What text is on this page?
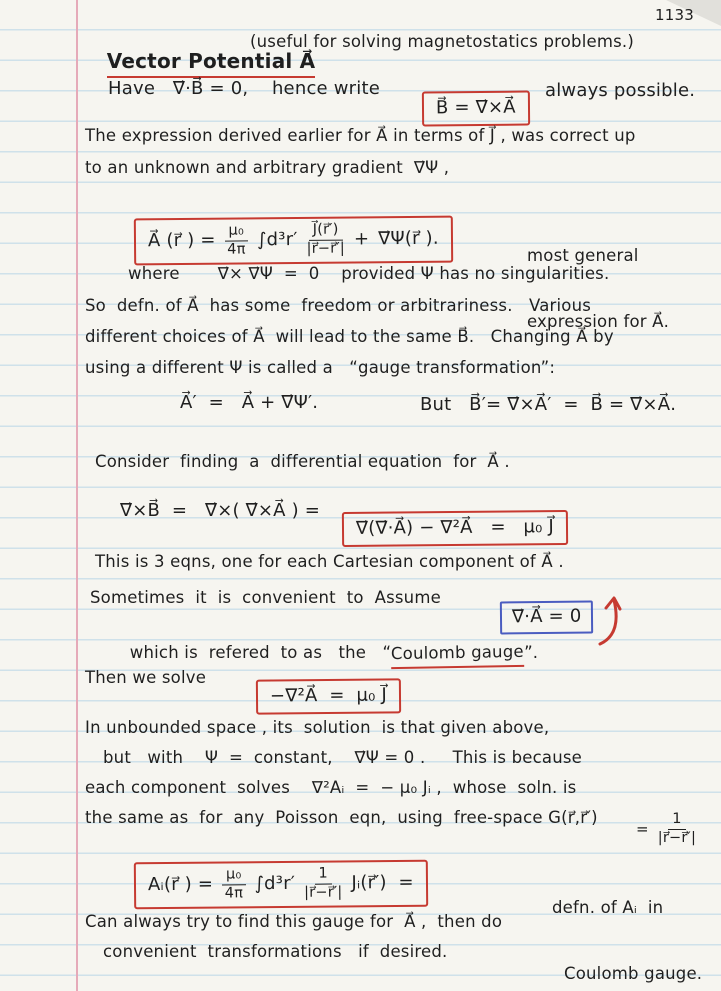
1133

Vector Potential A⃗

(useful for solving magnetostatics problems.)
Have   ∇⃗·B⃗ = 0,    hence write

B⃗ = ∇⃗×A⃗

always possible.
The expression derived earlier for A⃗ in terms of J⃗ , was correct up
to an unknown and arbitrary gradient  ∇⃗Ψ ,

A⃗ (r⃗ ) = $\frac{\text{μ₀}}{4\pi} \int d^3r' \frac{J⃗(r⃗')}{|r⃗-r⃗'|}$ + ∇⃗Ψ(r⃗ ).

most general

expression for A⃗.

where       ∇⃗× ∇⃗Ψ  =  0    provided Ψ has no singularities.
So  defn. of A⃗  has some  freedom or arbitrariness.   Various
different choices of A⃗  will lead to the same B⃗.   Changing A⃗ by
using a different Ψ is called a   “gauge transformation”:
A⃗′  =   A⃗ + ∇⃗Ψ′.	But   B⃗′= ∇⃗×A⃗′  =  B⃗ = ∇⃗×A⃗.
Consider  finding  a  differential equation  for  A⃗ .
∇⃗×B⃗  =   ∇⃗×( ∇⃗×A⃗ ) =

∇⃗(∇⃗·A⃗) − ∇²A⃗   =   μ₀ J⃗

This is 3 eqns, one for each Cartesian component of A⃗ .
Sometimes  it  is  convenient  to  Assume

∇⃗·A⃗ = 0

which is  refered  to as   the   “Coulomb gauge”.

Then we solve

−∇²A⃗  =  μ₀ J⃗

In unbounded space , its  solution  is that given above,
but   with    Ψ  =  constant,    ∇⃗Ψ = 0 .     This is because
each component  solves    ∇²Aᵢ  =  − μ₀ Jᵢ ,  whose  soln. is
the same as  for  any  Poisson  eqn,  using  free-space G(r⃗,r⃗′)
= $\frac{1}{|r⃗-r⃗'|}$

Aᵢ(r⃗ ) = $\frac{\text{μ₀}}{4\pi} \int d^3r' \frac{1}{|r⃗-r⃗'|}$ Jᵢ(r⃗′)  =

defn. of Aᵢ  in

Coulomb gauge.

Can always try to find this gauge for  A⃗ ,  then do
convenient  transformations   if  desired.
